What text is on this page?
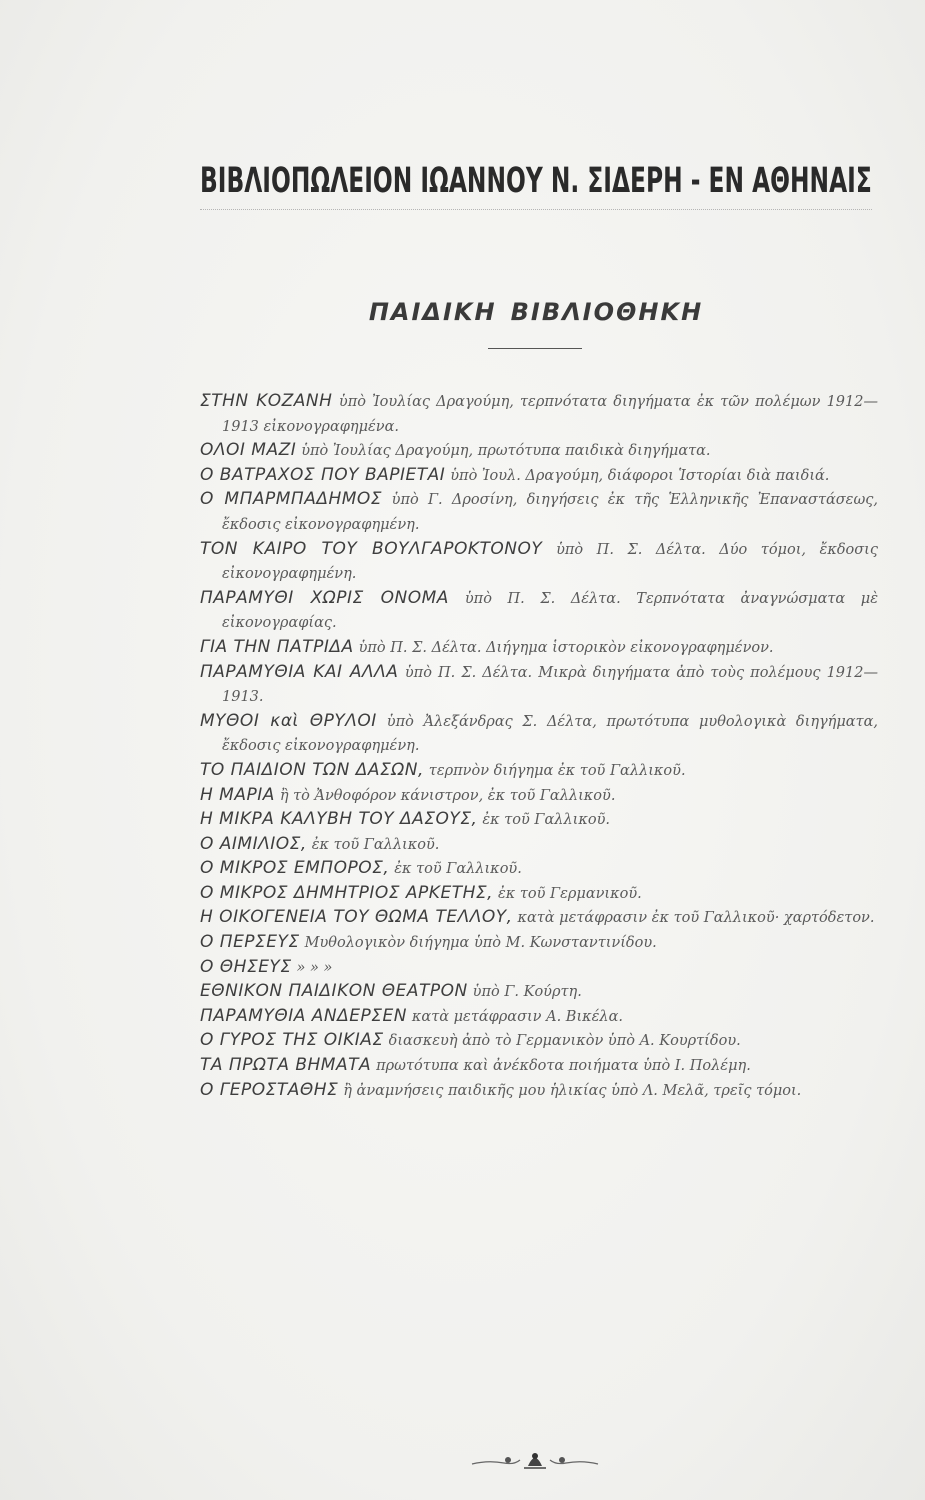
ΒΙΒΛΙΟΠΩΛΕΙΟΝ ΙΩΑΝΝΟΥ Ν. ΣΙΔΕΡΗ - ΕΝ ΑΘΗΝΑΙΣ
ΠΑΙΔΙΚΗ ΒΙΒΛΙΟΘΗΚΗ
ΣΤΗΝ ΚΟΖΑΝΗ ὑπὸ Ἰουλίας Δραγούμη, τερπνότατα διηγήματα ἐκ τῶν πολέμων 1912—1913 εἰκονογραφημένα.
ΟΛΟΙ ΜΑΖΙ ὑπὸ Ἰουλίας Δραγούμη, πρωτότυπα παιδικὰ διηγήματα.
Ο ΒΑΤΡΑΧΟΣ ΠΟΥ ΒΑΡΙΕΤΑΙ ὑπὸ Ἰουλ. Δραγούμη, διάφοροι Ἱστορίαι διὰ παιδιά.
Ο ΜΠΑΡΜΠΑΔΗΜΟΣ ὑπὸ Γ. Δροσίνη, διηγήσεις ἐκ τῆς Ἑλληνικῆς Ἐπαναστάσεως, ἔκδοσις εἰκονογραφημένη.
ΤΟΝ ΚΑΙΡΟ ΤΟΥ ΒΟΥΛΓΑΡΟΚΤΟΝΟΥ ὑπὸ Π. Σ. Δέλτα. Δύο τόμοι, ἔκδοσις εἰκονογραφημένη.
ΠΑΡΑΜΥΘΙ ΧΩΡΙΣ ΟΝΟΜΑ ὑπὸ Π. Σ. Δέλτα. Τερπνότατα ἀναγνώσματα μὲ εἰκονογραφίας.
ΓΙΑ ΤΗΝ ΠΑΤΡΙΔΑ ὑπὸ Π. Σ. Δέλτα. Διήγημα ἱστορικὸν εἰκονογραφημένον.
ΠΑΡΑΜΥΘΙΑ ΚΑΙ ΑΛΛΑ ὑπὸ Π. Σ. Δέλτα. Μικρὰ διηγήματα ἀπὸ τοὺς πολέμους 1912—1913.
ΜΥΘΟΙ καὶ ΘΡΥΛΟΙ ὑπὸ Ἀλεξάνδρας Σ. Δέλτα, πρωτότυπα μυθολογικὰ διηγήματα, ἔκδοσις εἰκονογραφημένη.
ΤΟ ΠΑΙΔΙΟΝ ΤΩΝ ΔΑΣΩΝ, τερπνὸν διήγημα ἐκ τοῦ Γαλλικοῦ.
Η ΜΑΡΙΑ ἢ τὸ Ἀνθοφόρον κάνιστρον, ἐκ τοῦ Γαλλικοῦ.
Η ΜΙΚΡΑ ΚΑΛΥΒΗ ΤΟΥ ΔΑΣΟΥΣ, ἐκ τοῦ Γαλλικοῦ.
Ο ΑΙΜΙΛΙΟΣ, ἐκ τοῦ Γαλλικοῦ.
Ο ΜΙΚΡΟΣ ΕΜΠΟΡΟΣ, ἐκ τοῦ Γαλλικοῦ.
Ο ΜΙΚΡΟΣ ΔΗΜΗΤΡΙΟΣ ΑΡΚΕΤΗΣ, ἐκ τοῦ Γερμανικοῦ.
Η ΟΙΚΟΓΕΝΕΙΑ ΤΟΥ ΘΩΜΑ ΤΕΛΛΟΥ, κατὰ μετάφρασιν ἐκ τοῦ Γαλλικοῦ· χαρτόδετον.
Ο ΠΕΡΣΕΥΣ Μυθολογικὸν διήγημα ὑπὸ Μ. Κωνσταντινίδου.
Ο ΘΗΣΕΥΣ » » »
ΕΘΝΙΚΟΝ ΠΑΙΔΙΚΟΝ ΘΕΑΤΡΟΝ ὑπὸ Γ. Κούρτη.
ΠΑΡΑΜΥΘΙΑ ΑΝΔΕΡΣΕΝ κατὰ μετάφρασιν Α. Βικέλα.
Ο ΓΥΡΟΣ ΤΗΣ ΟΙΚΙΑΣ διασκευὴ ἀπὸ τὸ Γερμανικὸν ὑπὸ Α. Κουρτίδου.
ΤΑ ΠΡΩΤΑ ΒΗΜΑΤΑ πρωτότυπα καὶ ἀνέκδοτα ποιήματα ὑπὸ Ι. Πολέμη.
Ο ΓΕΡΟΣΤΑΘΗΣ ἢ ἀναμνήσεις παιδικῆς μου ἡλικίας ὑπὸ Λ. Μελᾶ, τρεῖς τόμοι.
